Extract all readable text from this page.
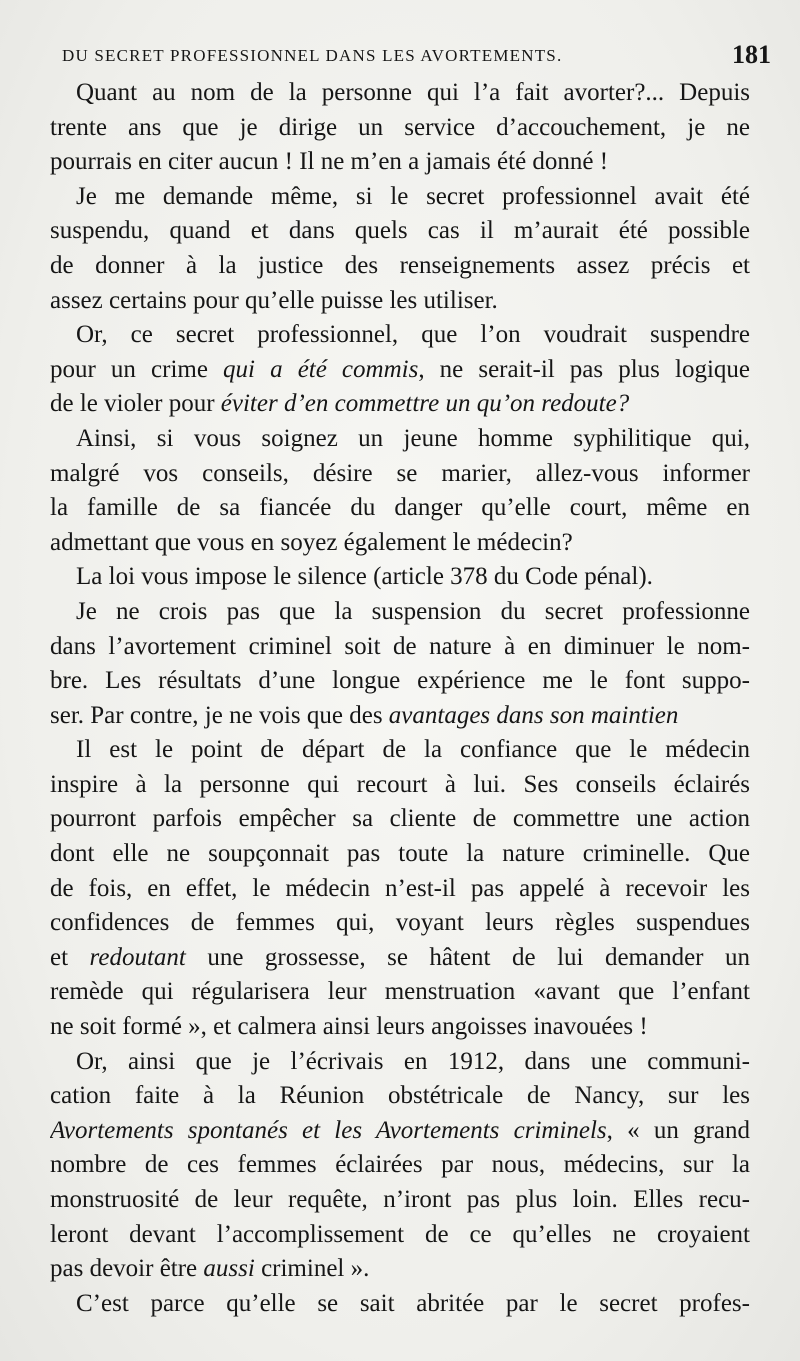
DU SECRET PROFESSIONNEL DANS LES AVORTEMENTS.	181
Quant au nom de la personne qui l’a fait avorter?... Depuis
trente ans que je dirige un service d’accouchement, je ne
pourrais en citer aucun ! Il ne m’en a jamais été donné !
Je me demande même, si le secret professionnel avait été
suspendu, quand et dans quels cas il m’aurait été possible
de donner à la justice des renseignements assez précis et
assez certains pour qu’elle puisse les utiliser.
Or, ce secret professionnel, que l’on voudrait suspendre
pour un crime qui a été commis, ne serait-il pas plus logique
de le violer pour éviter d’en commettre un qu’on redoute?
Ainsi, si vous soignez un jeune homme syphilitique qui,
malgré vos conseils, désire se marier, allez-vous informer
la famille de sa fiancée du danger qu’elle court, même en
admettant que vous en soyez également le médecin?
La loi vous impose le silence (article 378 du Code pénal).
Je ne crois pas que la suspension du secret professionne
dans l’avortement criminel soit de nature à en diminuer le nom-
bre. Les résultats d’une longue expérience me le font suppo-
ser. Par contre, je ne vois que des avantages dans son maintien
Il est le point de départ de la confiance que le médecin
inspire à la personne qui recourt à lui. Ses conseils éclairés
pourront parfois empêcher sa cliente de commettre une action
dont elle ne soupçonnait pas toute la nature criminelle. Que
de fois, en effet, le médecin n’est-il pas appelé à recevoir les
confidences de femmes qui, voyant leurs règles suspendues
et redoutant une grossesse, se hâtent de lui demander un
remède qui régularisera leur menstruation «avant que l’enfant
ne soit formé », et calmera ainsi leurs angoisses inavouées !
Or, ainsi que je l’écrivais en 1912, dans une communi-
cation faite à la Réunion obstétricale de Nancy, sur les
Avortements spontanés et les Avortements criminels, « un grand
nombre de ces femmes éclairées par nous, médecins, sur la
monstruosité de leur requête, n’iront pas plus loin. Elles recu-
leront devant l’accomplissement de ce qu’elles ne croyaient
pas devoir être aussi criminel ».
C’est parce qu’elle se sait abritée par le secret profes-
